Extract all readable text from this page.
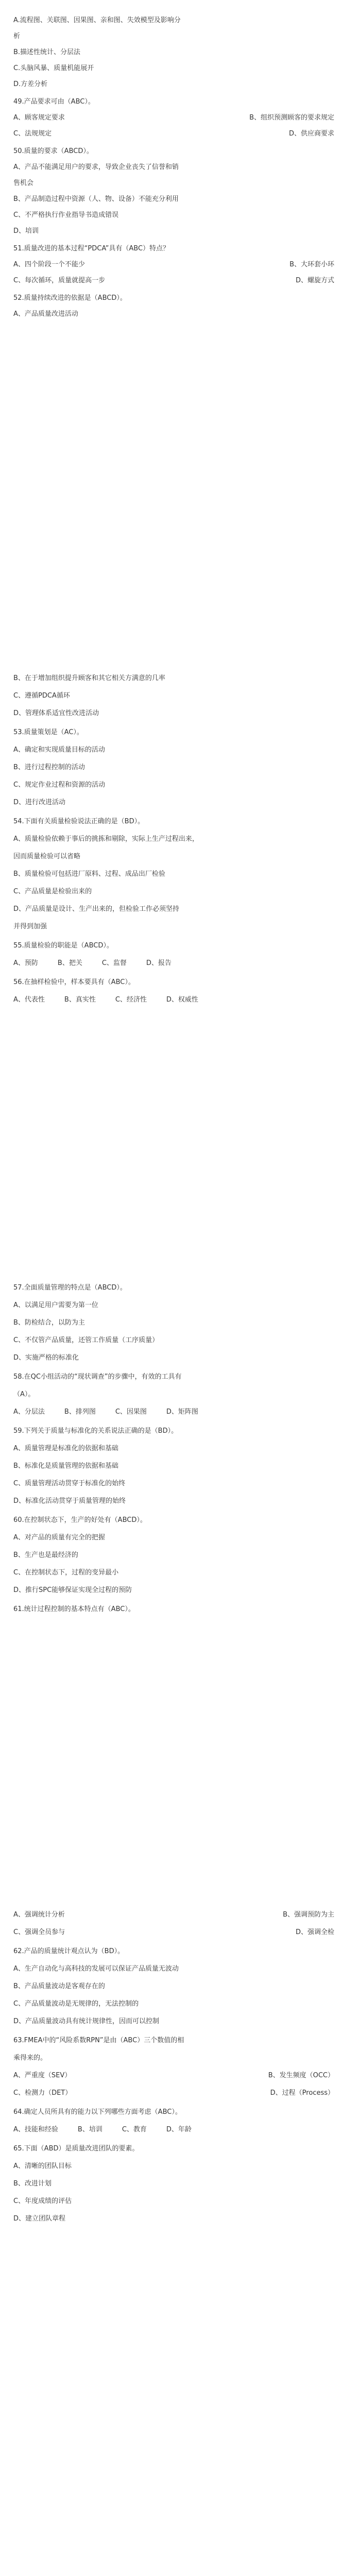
A.流程图、关联图、因果图、亲和图、失效模型及影响分
析
B.描述性统计、分层法
C.头脑风暴、质量机能展开
D.方差分析
49.产品要求可由（ABC）。
A、顾客规定要求	B、组织预测顾客的要求规定
C、法规规定	D、供应商要求
50.质量的要求（ABCD）。
A、产品不能满足用户的要求，导致企业丧失了信誉和销
售机会
B、产品制造过程中资源（人、物、设备）不能充分利用
C、不严格执行作业指导书造成错误
D、培训
51.质量改进的基本过程“PDCA”具有（ABC）特点？
A、四个阶段一个不能少	B、大环套小环
C、每次循环，质量就提高一步	D、螺旋方式
52.质量持续改进的依据是（ABCD）。
A、产品质量改进活动
B、在于增加组织提升顾客和其它相关方满意的几率
C、遵循PDCA循环
D、管理体系适宜性改进活动
53.质量策划是（AC）。
A、确定和实现质量目标的活动
B、进行过程控制的活动
C、规定作业过程和资源的活动
D、进行改进活动
54.下面有关质量检验说法正确的是（BD）。
A、质量检验依赖于事后的挑拣和剔除，实际上生产过程出来，
因而质量检验可以省略
B、质量检验可包括进厂原料、过程、成品出厂检验
C、产品质量是检验出来的
D、产品质量是设计、生产出来的，但检验工作必须坚持
并得到加强
55.质量检验的职能是（ABCD）。
A、预防	B、把关	C、监督	D、报告
56.在抽样检验中，样本要具有（ABC）。
A、代表性	B、真实性	C、经济性	D、权威性
57.全面质量管理的特点是（ABCD）。
A、以满足用户需要为第一位
B、防检结合，以防为主
C、不仅管产品质量，还管工作质量（工序质量）
D、实施严格的标准化
58.在QC小组活动的“现状调查”的步骤中，有效的工具有
（A）。
A、分层法	B、排列图	C、因果图	D、矩阵图
59.下列关于质量与标准化的关系说法正确的是（BD）。
A、质量管理是标准化的依据和基础
B、标准化是质量管理的依据和基础
C、质量管理活动贯穿于标准化的始终
D、标准化活动贯穿于质量管理的始终
60.在控制状态下，生产的好处有（ABCD）。
A、对产品的质量有完全的把握
B、生产也是最经济的
C、在控制状态下，过程的变异最小
D、推行SPC能够保证实现全过程的预防
61.统计过程控制的基本特点有（ABC）。
A、强调统计分析	B、强调预防为主
C、强调全员参与	D、强调全检
62.产品的质量统计观点认为（BD）。
A、生产自动化与高科技的发展可以保证产品质量无波动
B、产品质量波动是客观存在的
C、产品质量波动是无规律的，无法控制的
D、产品质量波动具有统计规律性，因而可以控制
63.FMEA中的“风险系数RPN”是由（ABC）三个数值的相
乘得来的。
A、严重度（SEV）	B、发生频度（OCC）
C、检测力（DET）	D、过程（Process）
64.确定人员所具有的能力以下列哪些方面考虑（ABC）。
A、技能和经验	B、培训	C、教育	D、年龄
65.下面（ABD）是质量改进团队的要素。
A、清晰的团队目标
B、改进计划
C、年度成绩的评估
D、建立团队章程
